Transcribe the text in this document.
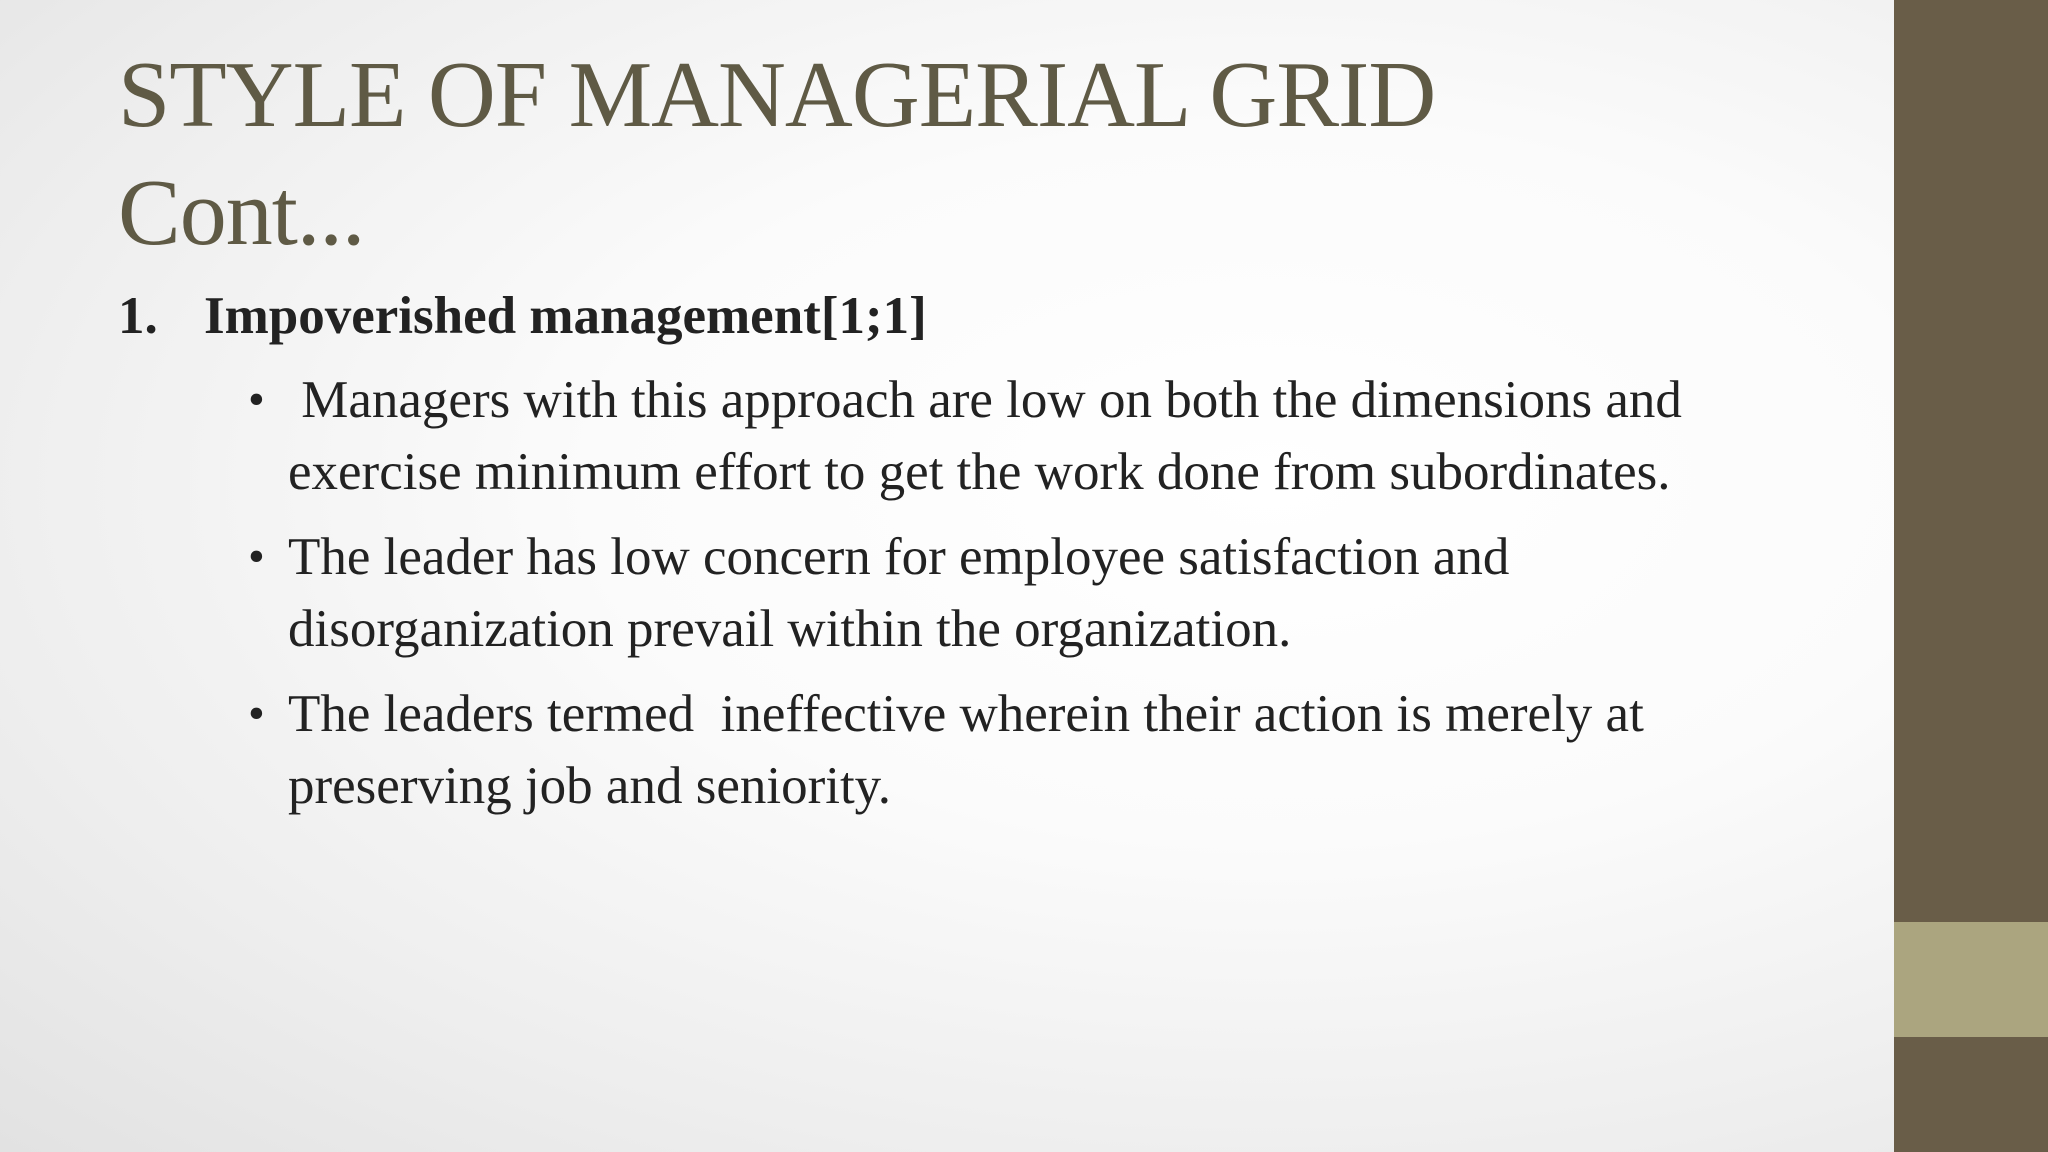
STYLE OF MANAGERIAL GRID
Cont...
1. Impoverished management[1;1]
• Managers with this approach are low on both the dimensions and exercise minimum effort to get the work done from subordinates.
• The leader has low concern for employee satisfaction and disorganization prevail within the organization.
• The leaders termed  ineffective wherein their action is merely at preserving job and seniority.
